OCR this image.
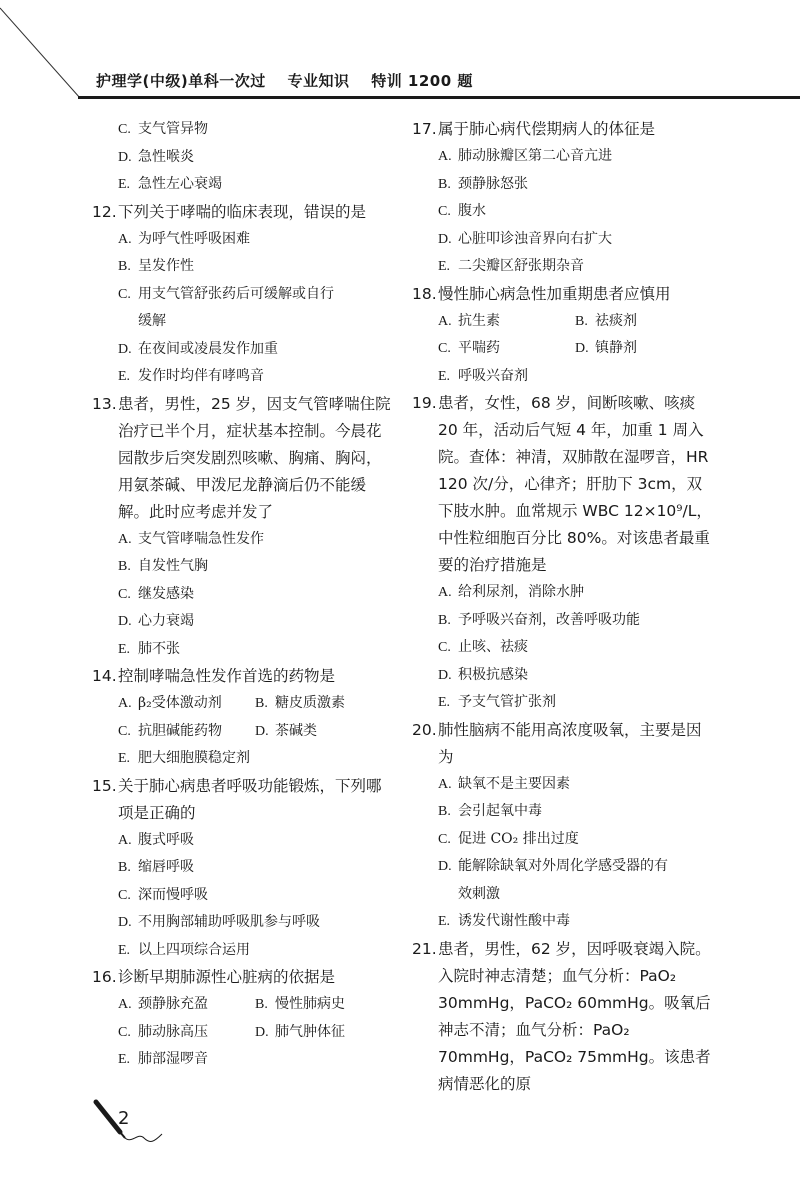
护理学(中级)单科一次过 专业知识 特训 1200 题
C. 支气管异物
D. 急性喉炎
E. 急性左心衰竭
12. 下列关于哮喘的临床表现，错误的是
A. 为呼气性呼吸困难
B. 呈发作性
C. 用支气管舒张药后可缓解或自行
缓解
D. 在夜间或凌晨发作加重
E. 发作时均伴有哮鸣音
13. 患者，男性，25 岁，因支气管哮喘住院治疗已半个月，症状基本控制。今晨花园散步后突发剧烈咳嗽、胸痛、胸闷，用氨茶碱、甲泼尼龙静滴后仍不能缓解。此时应考虑并发了
A. 支气管哮喘急性发作
B. 自发性气胸
C. 继发感染
D. 心力衰竭
E. 肺不张
14. 控制哮喘急性发作首选的药物是
A. β₂受体激动剂 B. 糖皮质激素
C. 抗胆碱能药物 D. 茶碱类
E. 肥大细胞膜稳定剂
15. 关于肺心病患者呼吸功能锻炼，下列哪项是正确的
A. 腹式呼吸
B. 缩唇呼吸
C. 深而慢呼吸
D. 不用胸部辅助呼吸肌参与呼吸
E. 以上四项综合运用
16. 诊断早期肺源性心脏病的依据是
A. 颈静脉充盈	B. 慢性肺病史
C. 肺动脉高压	D. 肺气肿体征
E. 肺部湿啰音
17. 属于肺心病代偿期病人的体征是
A. 肺动脉瓣区第二心音亢进
B. 颈静脉怒张
C. 腹水
D. 心脏叩诊浊音界向右扩大
E. 二尖瓣区舒张期杂音
18. 慢性肺心病急性加重期患者应慎用
A. 抗生素	B. 祛痰剂
C. 平喘药	D. 镇静剂
E. 呼吸兴奋剂
19. 患者，女性，68 岁，间断咳嗽、咳痰 20 年，活动后气短 4 年，加重 1 周入院。查体：神清，双肺散在湿啰音，HR 120 次/分，心律齐；肝肋下 3cm，双下肢水肿。血常规示 WBC 12×10⁹/L，中性粒细胞百分比 80%。对该患者最重要的治疗措施是
A. 给利尿剂，消除水肿
B. 予呼吸兴奋剂，改善呼吸功能
C. 止咳、祛痰
D. 积极抗感染
E. 予支气管扩张剂
20. 肺性脑病不能用高浓度吸氧，主要是因为
A. 缺氧不是主要因素
B. 会引起氧中毒
C. 促进 CO₂ 排出过度
D. 能解除缺氧对外周化学感受器的有
效刺激
E. 诱发代谢性酸中毒
21. 患者，男性，62 岁，因呼吸衰竭入院。入院时神志清楚；血气分析：PaO₂ 30mmHg，PaCO₂ 60mmHg。吸氧后神志不清；血气分析：PaO₂ 70mmHg，PaCO₂ 75mmHg。该患者病情恶化的原
2
